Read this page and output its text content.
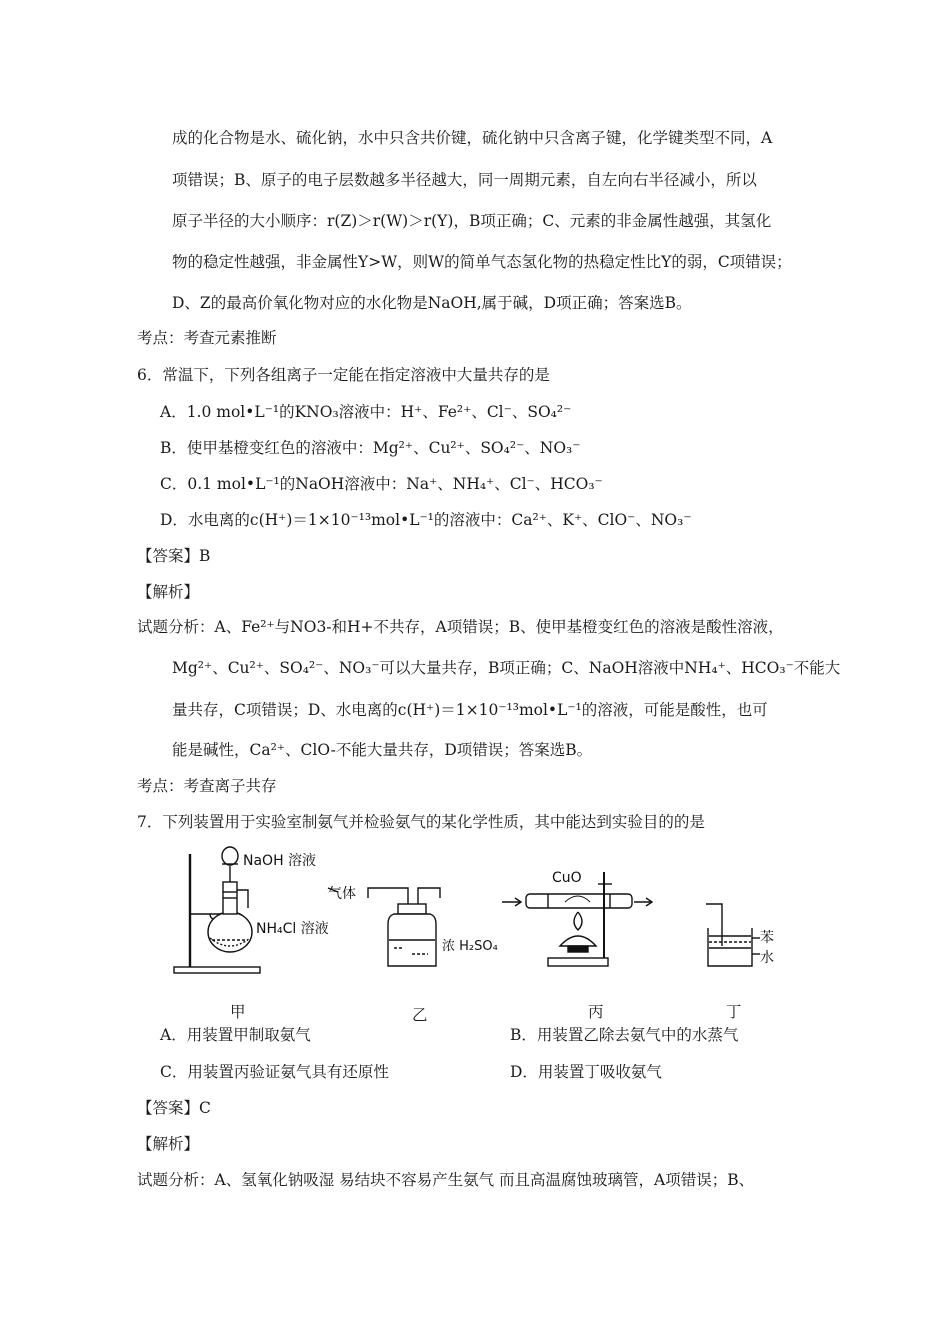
成的化合物是水、硫化钠，水中只含共价键，硫化钠中只含离子键，化学键类型不同，A
项错误；B、原子的电子层数越多半径越大，同一周期元素，自左向右半径减小，所以
原子半径的大小顺序：r(Z)＞r(W)＞r(Y)，B项正确；C、元素的非金属性越强，其氢化
物的稳定性越强，非金属性Y>W，则W的简单气态氢化物的热稳定性比Y的弱，C项错误；
D、Z的最高价氧化物对应的水化物是NaOH,属于碱，D项正确；答案选B。
考点：考查元素推断
6．常温下，下列各组离子一定能在指定溶液中大量共存的是
A．1.0 mol•L⁻¹的KNO₃溶液中：H⁺、Fe²⁺、Cl⁻、SO₄²⁻
B．使甲基橙变红色的溶液中：Mg²⁺、Cu²⁺、SO₄²⁻、NO₃⁻
C．0.1 mol•L⁻¹的NaOH溶液中：Na⁺、NH₄⁺、Cl⁻、HCO₃⁻
D．水电离的c(H⁺)＝1×10⁻¹³mol•L⁻¹的溶液中：Ca²⁺、K⁺、ClO⁻、NO₃⁻
【答案】B
【解析】
试题分析：A、Fe²⁺与NO3-和H+不共存，A项错误；B、使甲基橙变红色的溶液是酸性溶液，
Mg²⁺、Cu²⁺、SO₄²⁻、NO₃⁻可以大量共存，B项正确；C、NaOH溶液中NH₄⁺、HCO₃⁻不能大
量共存，C项错误；D、水电离的c(H⁺)＝1×10⁻¹³mol•L⁻¹的溶液，可能是酸性，也可
能是碱性，Ca²⁺、ClO-不能大量共存，D项错误；答案选B。
考点：考查离子共存
7．下列装置用于实验室制氨气并检验氨气的某化学性质，其中能达到实验目的的是
NaOH 溶液
NH₄Cl 溶液
气体
浓 H₂SO₄
CuO
苯
水
甲	乙	丙	丁
A．用装置甲制取氨气	B．用装置乙除去氨气中的水蒸气
C．用装置丙验证氨气具有还原性	D．用装置丁吸收氨气
【答案】C
【解析】
试题分析：A、氢氧化钠吸湿 易结块不容易产生氨气 而且高温腐蚀玻璃管，A项错误；B、
